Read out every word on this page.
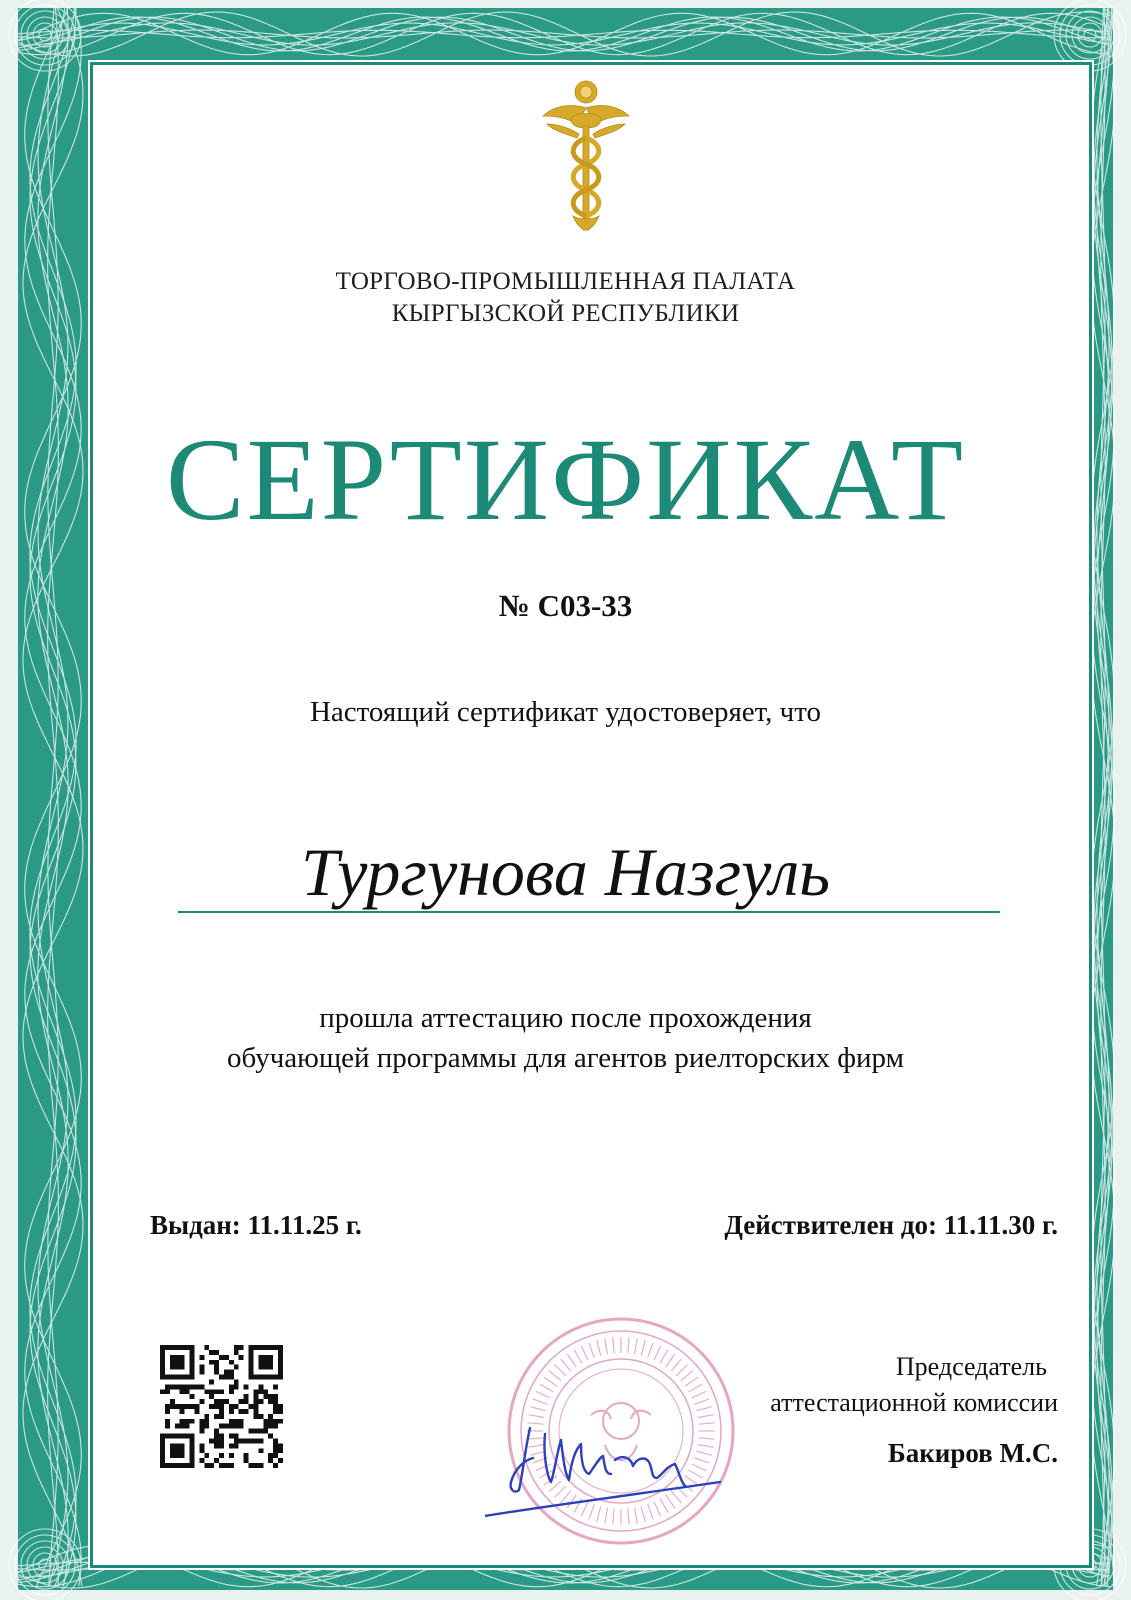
ТОРГОВО-ПРОМЫШЛЕННАЯ ПАЛАТА
КЫРГЫЗСКОЙ РЕСПУБЛИКИ
СЕРТИФИКАТ
№ С03-33
Настоящий сертификат удостоверяет, что
Тургунова Назгуль
прошла аттестацию после прохождения
обучающей программы для агентов риелторских фирм
Выдан: 11.11.25 г.	Действителен до: 11.11.30 г.
Председатель
аттестационной комиссии
Бакиров М.С.
